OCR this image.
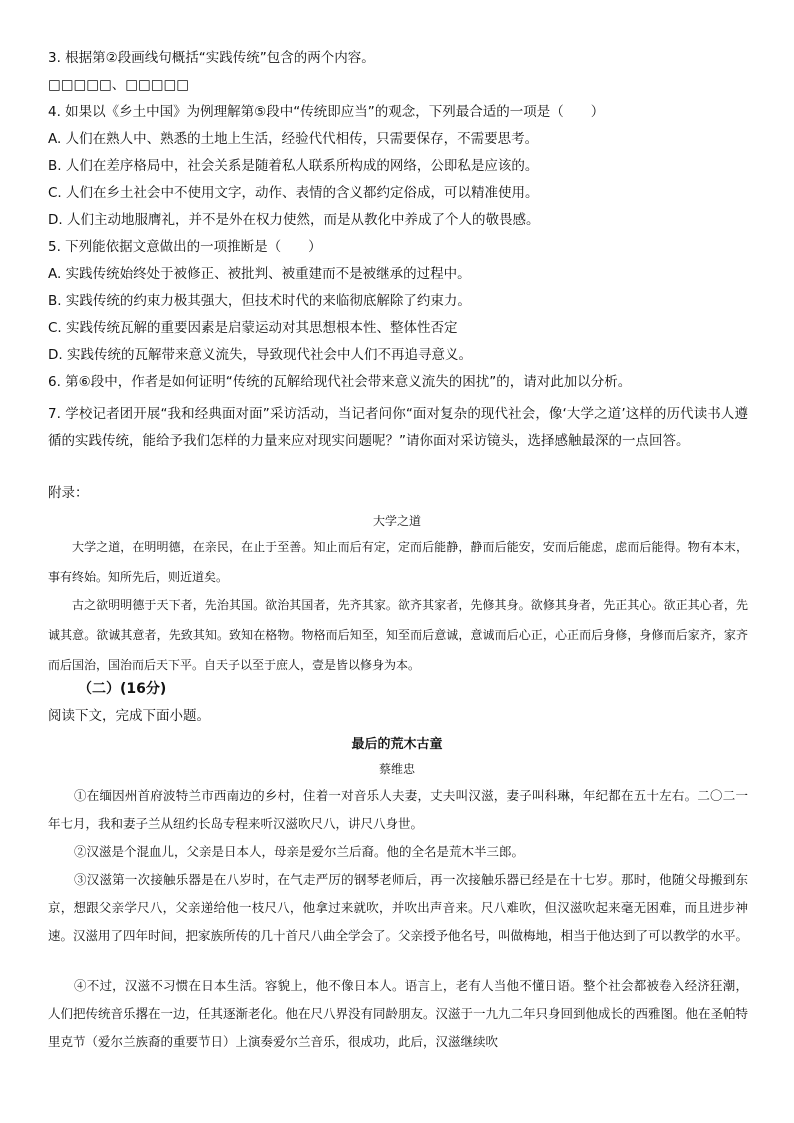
3. 根据第②段画线句概括“实践传统”包含的两个内容。
□□□□□、□□□□□
4. 如果以《乡土中国》为例理解第⑤段中“传统即应当”的观念，下列最合适的一项是（　　）
A. 人们在熟人中、熟悉的土地上生活，经验代代相传，只需要保存，不需要思考。
B. 人们在差序格局中，社会关系是随着私人联系所构成的网络，公即私是应该的。
C. 人们在乡土社会中不使用文字，动作、表情的含义都约定俗成，可以精准使用。
D. 人们主动地服膺礼，并不是外在权力使然，而是从教化中养成了个人的敬畏感。
5. 下列能依据文意做出的一项推断是（　　）
A. 实践传统始终处于被修正、被批判、被重建而不是被继承的过程中。
B. 实践传统的约束力极其强大，但技术时代的来临彻底解除了约束力。
C. 实践传统瓦解的重要因素是启蒙运动对其思想根本性、整体性否定
D. 实践传统的瓦解带来意义流失，导致现代社会中人们不再追寻意义。
6. 第⑥段中，作者是如何证明“传统的瓦解给现代社会带来意义流失的困扰”的，请对此加以分析。
7. 学校记者团开展“我和经典面对面”采访活动，当记者问你“面对复杂的现代社会，像‘大学之道’这样的历代读书人遵循的实践传统，能给予我们怎样的力量来应对现实问题呢？”请你面对采访镜头，选择感触最深的一点回答。
附录：
大学之道
大学之道，在明明德，在亲民，在止于至善。知止而后有定，定而后能静，静而后能安，安而后能虑，虑而后能得。物有本末，事有终始。知所先后，则近道矣。
古之欲明明德于天下者，先治其国。欲治其国者，先齐其家。欲齐其家者，先修其身。欲修其身者，先正其心。欲正其心者，先诚其意。欲诚其意者，先致其知。致知在格物。物格而后知至，知至而后意诚，意诚而后心正，心正而后身修，身修而后家齐，家齐而后国治，国治而后天下平。自天子以至于庶人，壹是皆以修身为本。
（二）(16分)
阅读下文，完成下面小题。
最后的荒木古童
蔡维忠
①在缅因州首府波特兰市西南边的乡村，住着一对音乐人夫妻，丈夫叫汉滋，妻子叫科琳，年纪都在五十左右。二〇二一年七月，我和妻子兰从纽约长岛专程来听汉滋吹尺八，讲尺八身世。
②汉滋是个混血儿，父亲是日本人，母亲是爱尔兰后裔。他的全名是荒木半三郎。
③汉滋第一次接触乐器是在八岁时，在气走严厉的钢琴老师后，再一次接触乐器已经是在十七岁。那时，他随父母搬到东京，想跟父亲学尺八，父亲递给他一枝尺八，他拿过来就吹，并吹出声音来。尺八难吹，但汉滋吹起来毫无困难，而且进步神速。汉滋用了四年时间，把家族所传的几十首尺八曲全学会了。父亲授予他名号，叫做梅地，相当于他达到了可以教学的水平。
④不过，汉滋不习惯在日本生活。容貌上，他不像日本人。语言上，老有人当他不懂日语。整个社会都被卷入经济狂潮，人们把传统音乐撂在一边，任其逐渐老化。他在尺八界没有同龄朋友。汉滋于一九九二年只身回到他成长的西雅图。他在圣帕特里克节（爱尔兰族裔的重要节日）上演奏爱尔兰音乐，很成功，此后，汉滋继续吹
